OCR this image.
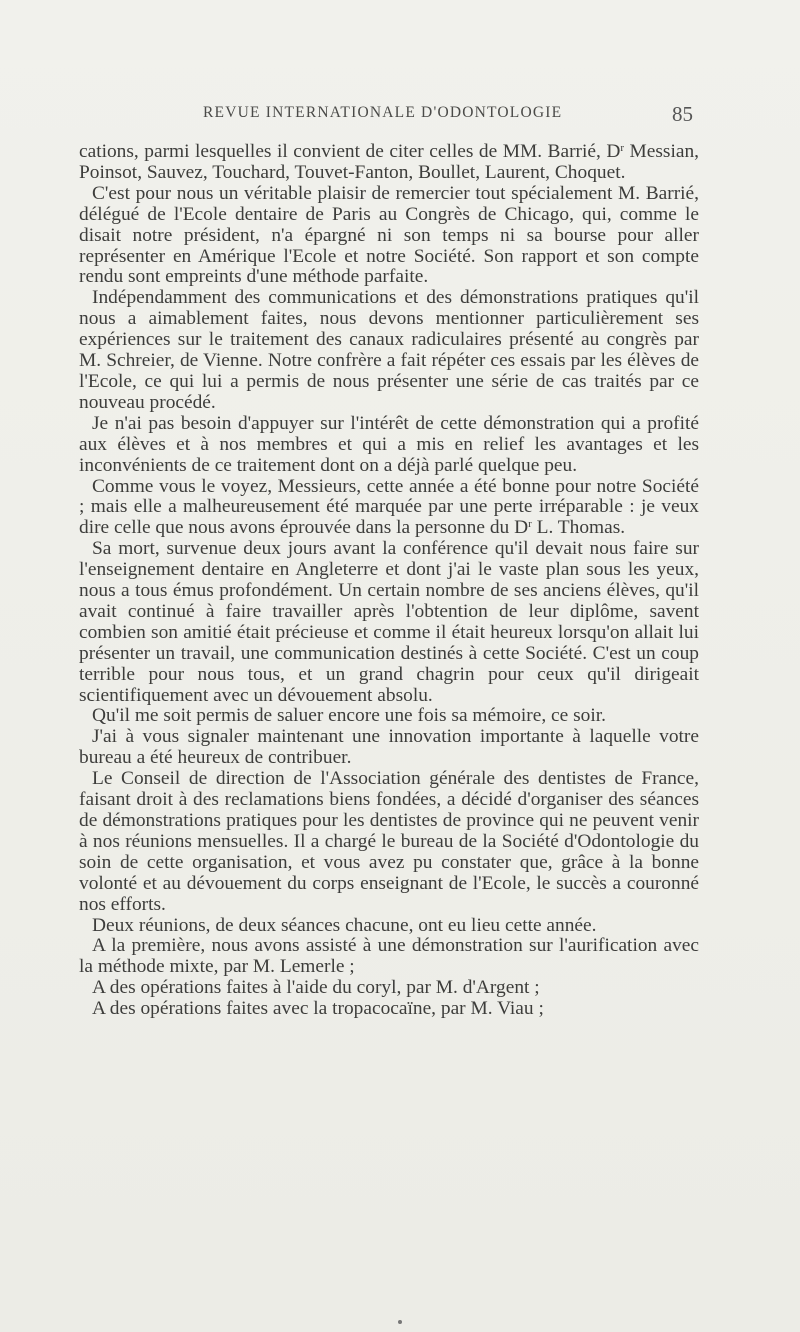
REVUE INTERNATIONALE D'ODONTOLOGIE	85

cations, parmi lesquelles il convient de citer celles de MM. Barrié, $D^r$ Messian, Poinsot, Sauvez, Touchard, Touvet-Fanton, Boullet, Laurent, Choquet.

C'est pour nous un véritable plaisir de remercier tout spécialement M. Barrié, délégué de l'Ecole dentaire de Paris au Congrès de Chicago, qui, comme le disait notre président, n'a épargné ni son temps ni sa bourse pour aller représenter en Amérique l'Ecole et notre Société. Son rapport et son compte rendu sont empreints d'une méthode parfaite.

Indépendamment des communications et des démonstrations pratiques qu'il nous a aimablement faites, nous devons mentionner particulièrement ses expériences sur le traitement des canaux radiculaires présenté au congrès par M. Schreier, de Vienne. Notre confrère a fait répéter ces essais par les élèves de l'Ecole, ce qui lui a permis de nous présenter une série de cas traités par ce nouveau procédé.

Je n'ai pas besoin d'appuyer sur l'intérêt de cette démonstration qui a profité aux élèves et à nos membres et qui a mis en relief les avantages et les inconvénients de ce traitement dont on a déjà parlé quelque peu.

Comme vous le voyez, Messieurs, cette année a été bonne pour notre Société ; mais elle a malheureusement été marquée par une perte irréparable : je veux dire celle que nous avons éprouvée dans la personne du $D^r$ L. Thomas.

Sa mort, survenue deux jours avant la conférence qu'il devait nous faire sur l'enseignement dentaire en Angleterre et dont j'ai le vaste plan sous les yeux, nous a tous émus profondément. Un certain nombre de ses anciens élèves, qu'il avait continué à faire travailler après l'obtention de leur diplôme, savent combien son amitié était précieuse et comme il était heureux lorsqu'on allait lui présenter un travail, une communication destinés à cette Société. C'est un coup terrible pour nous tous, et un grand chagrin pour ceux qu'il dirigeait scientifiquement avec un dévouement absolu.

Qu'il me soit permis de saluer encore une fois sa mémoire, ce soir.

J'ai à vous signaler maintenant une innovation importante à laquelle votre bureau a été heureux de contribuer.

Le Conseil de direction de l'Association générale des dentistes de France, faisant droit à des reclamations biens fondées, a décidé d'organiser des séances de démonstrations pratiques pour les dentistes de province qui ne peuvent venir à nos réunions mensuelles. Il a chargé le bureau de la Société d'Odontologie du soin de cette organisation, et vous avez pu constater que, grâce à la bonne volonté et au dévouement du corps enseignant de l'Ecole, le succès a couronné nos efforts.

Deux réunions, de deux séances chacune, ont eu lieu cette année.

A la première, nous avons assisté à une démonstration sur l'aurification avec la méthode mixte, par M. Lemerle ;

A des opérations faites à l'aide du coryl, par M. d'Argent ;

A des opérations faites avec la tropacocaïne, par M. Viau ;
